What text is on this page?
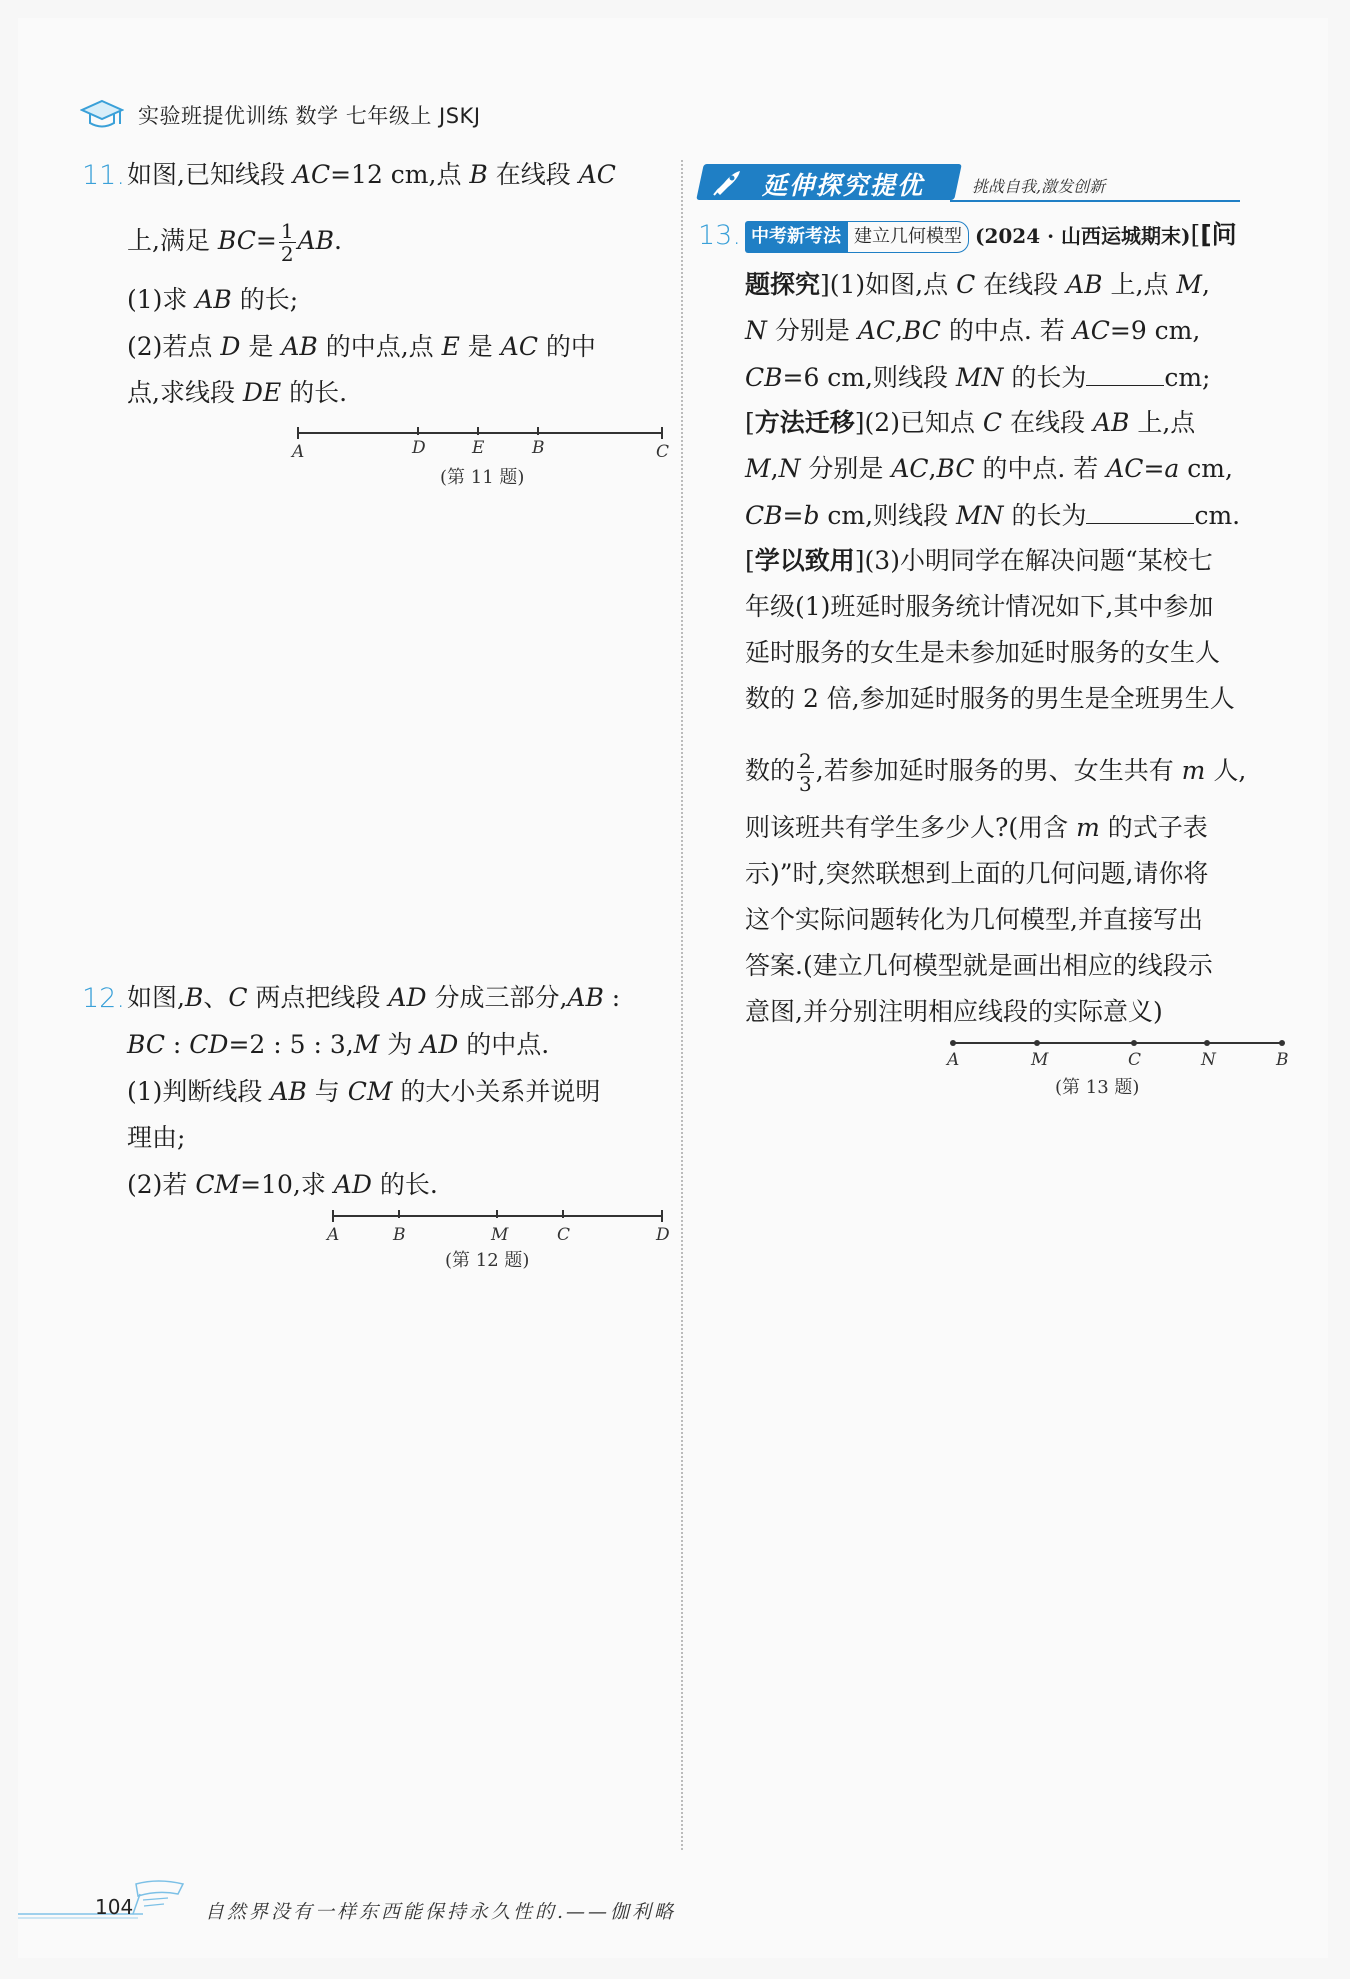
实验班提优训练 数学 七年级上 JSKJ
11. 如图,已知线段 AC=12 cm,点 B 在线段 AC
上,满足 $BC= \frac{1}{2}$ AB.
(1)求 AB 的长;
(2)若点 D 是 AB 的中点,点 E 是 AC 的中
点,求线段 DE 的长.
A	D	E	B	C
(第 11 题)
12. 如图,B、C 两点把线段 AD 分成三部分,AB :
BC : CD=2 : 5 : 3,M 为 AD 的中点.
(1)判断线段 AB 与 CM 的大小关系并说明
理由;
(2)若 CM=10,求 AD 的长.
A	B	M	C	D
(第 12 题)
延伸探究提优	挑战自我,激发创新
13. 中考新考法 建立几何模型 (2024 · 山西运城期末)[[问
题探究](1)如图,点 C 在线段 AB 上,点 M,
N 分别是 AC,BC 的中点. 若 AC=9 cm,
CB=6 cm,则线段 MN 的长为	cm;
[方法迁移](2)已知点 C 在线段 AB 上,点
M,N 分别是 AC,BC 的中点. 若 AC=a cm,
CB=b cm,则线段 MN 的长为	cm.
[学以致用](3)小明同学在解决问题“某校七
年级(1)班延时服务统计情况如下,其中参加
延时服务的女生是未参加延时服务的女生人
数的 2 倍,参加延时服务的男生是全班男生人
数的 $\frac{2}{3}$ ,若参加延时服务的男、女生共有 m 人,
则该班共有学生多少人?(用含 m 的式子表
示)”时,突然联想到上面的几何问题,请你将
这个实际问题转化为几何模型,并直接写出
答案.(建立几何模型就是画出相应的线段示
意图,并分别注明相应线段的实际意义)
A	M	C	N	B
(第 13 题)
104	自然界没有一样东西能保持永久性的.——伽利略
